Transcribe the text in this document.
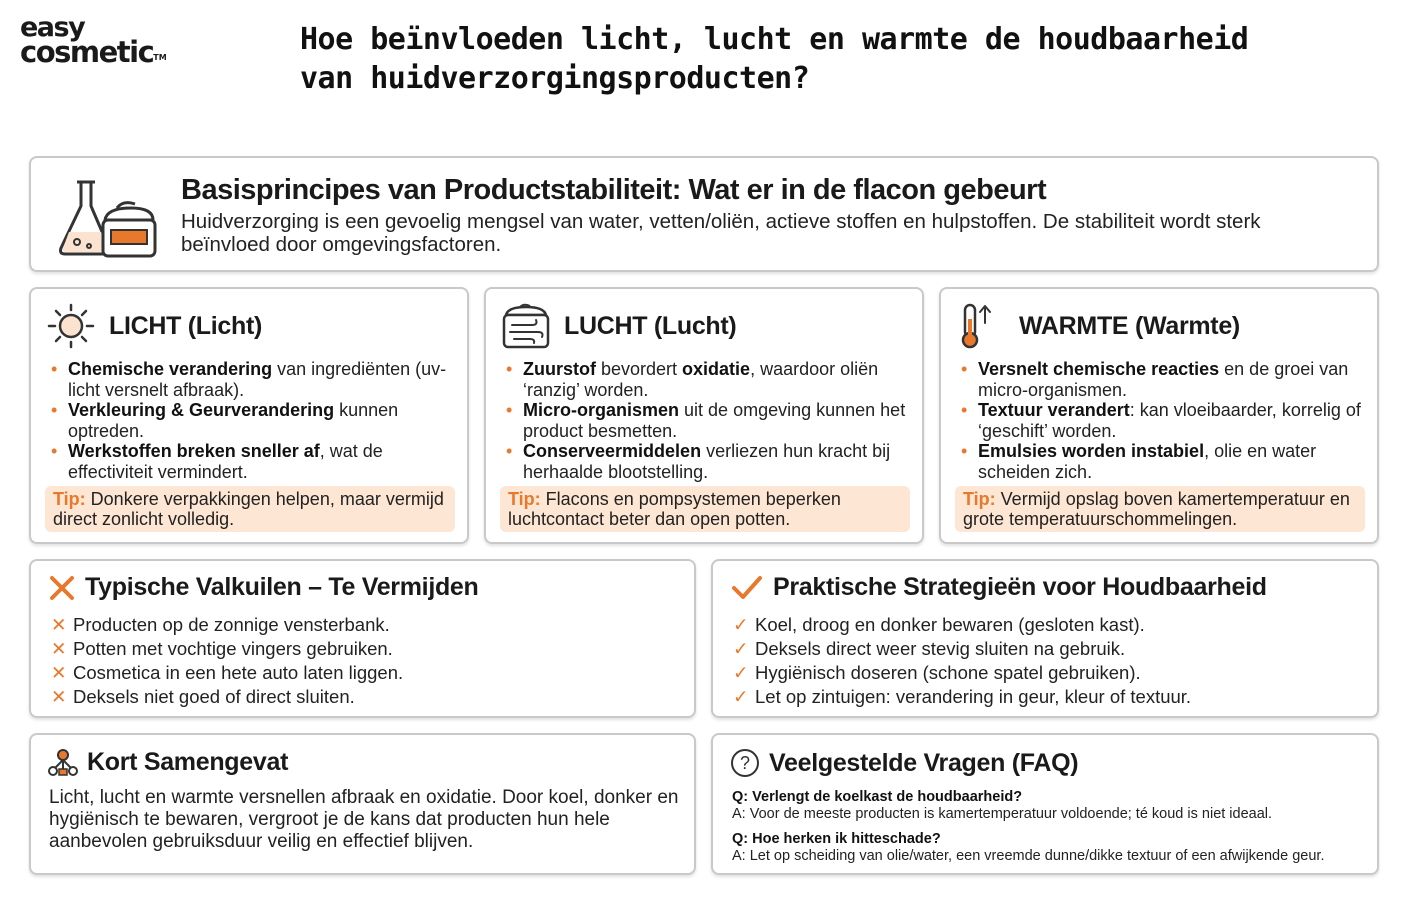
easy
cosmetic™
Hoe beïnvloeden licht, lucht en warmte de houdbaarheid van huidverzorgingsproducten?
Basisprincipes van Productstabiliteit: Wat er in de flacon gebeurt

Huidverzorging is een gevoelig mengsel van water, vetten/oliën, actieve stoffen en hulpstoffen. De stabiliteit wordt sterk beïnvloed door omgevingsfactoren.

LICHT (Licht)
• Chemische verandering van ingrediënten (uv-licht versnelt afbraak).
• Verkleuring & Geurverandering kunnen optreden.
• Werkstoffen breken sneller af, wat de effectiviteit vermindert.
Tip: Donkere verpakkingen helpen, maar vermijd direct zonlicht volledig.
LUCHT (Lucht)
• Zuurstof bevordert oxidatie, waardoor oliën ‘ranzig’ worden.
• Micro-organismen uit de omgeving kunnen het product besmetten.
• Conserveermiddelen verliezen hun kracht bij herhaalde blootstelling.
Tip: Flacons en pompsystemen beperken luchtcontact beter dan open potten.
WARMTE (Warmte)
• Versnelt chemische reacties en de groei van micro-organismen.
• Textuur verandert: kan vloeibaarder, korrelig of ‘geschift’ worden.
• Emulsies worden instabiel, olie en water scheiden zich.
Tip: Vermijd opslag boven kamertemperatuur en grote temperatuurschommelingen.
Typische Valkuilen – Te Vermijden
✕ Producten op de zonnige vensterbank.
✕ Potten met vochtige vingers gebruiken.
✕ Cosmetica in een hete auto laten liggen.
✕ Deksels niet goed of direct sluiten.
Praktische Strategieën voor Houdbaarheid
✓ Koel, droog en donker bewaren (gesloten kast).
✓ Deksels direct weer stevig sluiten na gebruik.
✓ Hygiënisch doseren (schone spatel gebruiken).
✓ Let op zintuigen: verandering in geur, kleur of textuur.
Kort Samengevat

Licht, lucht en warmte versnellen afbraak en oxidatie. Door koel, donker en hygiënisch te bewaren, vergroot je de kans dat producten hun hele aanbevolen gebruiksduur veilig en effectief blijven.

? Veelgestelde Vragen (FAQ)
Q: Verlengt de koelkast de houdbaarheid?
A: Voor de meeste producten is kamertemperatuur voldoende; té koud is niet ideaal.
Q: Hoe herken ik hitteschade?
A: Let op scheiding van olie/water, een vreemde dunne/dikke textuur of een afwijkende geur.
